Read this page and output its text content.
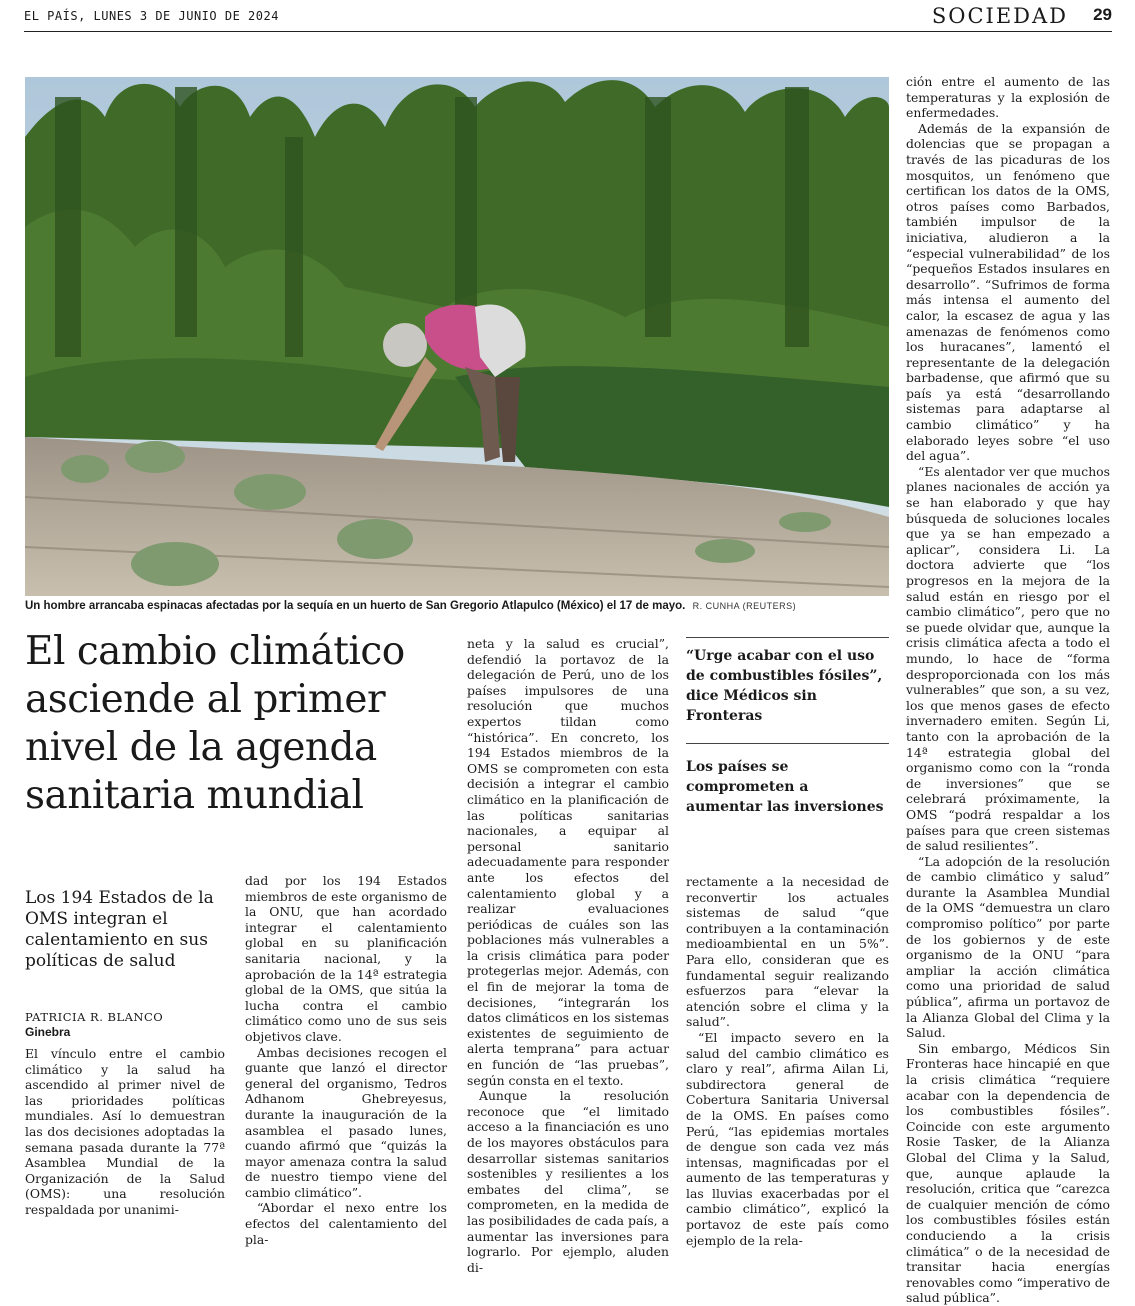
EL PAÍS, LUNES 3 DE JUNIO DE 2024	SOCIEDAD 29
Un hombre arrancaba espinacas afectadas por la sequía en un huerto de San Gregorio Atlapulco (México) el 17 de mayo. R. CUNHA (REUTERS)
El cambio climático asciende al primer nivel de la agenda sanitaria mundial
Los 194 Estados de la OMS integran el calentamiento en sus políticas de salud
PATRICIA R. BLANCO
Ginebra

El vínculo entre el cambio climático y la salud ha ascendido al primer nivel de las prioridades políticas mundiales. Así lo demuestran las dos decisiones adoptadas la semana pasada durante la 77ª Asamblea Mundial de la Organización de la Salud (OMS): una resolución respaldada por unanimi-

dad por los 194 Estados miembros de este organismo de la ONU, que han acordado integrar el calentamiento global en su planificación sanitaria nacional, y la aprobación de la 14ª estrategia global de la OMS, que sitúa la lucha contra el cambio climático como uno de sus seis objetivos clave.

Ambas decisiones recogen el guante que lanzó el director general del organismo, Tedros Adhanom Ghebreyesus, durante la inauguración de la asamblea el pasado lunes, cuando afirmó que “quizás la mayor amenaza contra la salud de nuestro tiempo viene del cambio climático”.

“Abordar el nexo entre los efectos del calentamiento del pla-

neta y la salud es crucial”, defendió la portavoz de la delegación de Perú, uno de los países impulsores de una resolución que muchos expertos tildan como “histórica”. En concreto, los 194 Estados miembros de la OMS se comprometen con esta decisión a integrar el cambio climático en la planificación de las políticas sanitarias nacionales, a equipar al personal sanitario adecuadamente para responder ante los efectos del calentamiento global y a realizar evaluaciones periódicas de cuáles son las poblaciones más vulnerables a la crisis climática para poder protegerlas mejor. Además, con el fin de mejorar la toma de decisiones, “integrarán los datos climáticos en los sistemas existentes de seguimiento de alerta temprana” para actuar en función de “las pruebas”, según consta en el texto.

Aunque la resolución reconoce que “el limitado acceso a la financiación es uno de los mayores obstáculos para desarrollar sistemas sanitarios sostenibles y resilientes a los embates del clima”, se comprometen, en la medida de las posibilidades de cada país, a aumentar las inversiones para lograrlo. Por ejemplo, aluden di-

“Urge acabar con el uso de combustibles fósiles”, dice Médicos sin Fronteras
Los países se comprometen a aumentar las inversiones

rectamente a la necesidad de reconvertir los actuales sistemas de salud “que contribuyen a la contaminación medioambiental en un 5%”. Para ello, consideran que es fundamental seguir realizando esfuerzos para “elevar la atención sobre el clima y la salud”.

“El impacto severo en la salud del cambio climático es claro y real”, afirma Ailan Li, subdirectora general de Cobertura Sanitaria Universal de la OMS. En países como Perú, “las epidemias mortales de dengue son cada vez más intensas, magnificadas por el aumento de las temperaturas y las lluvias exacerbadas por el cambio climático”, explicó la portavoz de este país como ejemplo de la rela-

ción entre el aumento de las temperaturas y la explosión de enfermedades.

Además de la expansión de dolencias que se propagan a través de las picaduras de los mosquitos, un fenómeno que certifican los datos de la OMS, otros países como Barbados, también impulsor de la iniciativa, aludieron a la “especial vulnerabilidad” de los “pequeños Estados insulares en desarrollo”. “Sufrimos de forma más intensa el aumento del calor, la escasez de agua y las amenazas de fenómenos como los huracanes”, lamentó el representante de la delegación barbadense, que afirmó que su país ya está “desarrollando sistemas para adaptarse al cambio climático” y ha elaborado leyes sobre “el uso del agua”.

“Es alentador ver que muchos planes nacionales de acción ya se han elaborado y que hay búsqueda de soluciones locales que ya se han empezado a aplicar”, considera Li. La doctora advierte que “los progresos en la mejora de la salud están en riesgo por el cambio climático”, pero que no se puede olvidar que, aunque la crisis climática afecta a todo el mundo, lo hace de “forma desproporcionada con los más vulnerables” que son, a su vez, los que menos gases de efecto invernadero emiten. Según Li, tanto con la aprobación de la 14ª estrategia global del organismo como con la “ronda de inversiones” que se celebrará próximamente, la OMS “podrá respaldar a los países para que creen sistemas de salud resilientes”.

“La adopción de la resolución de cambio climático y salud” durante la Asamblea Mundial de la OMS “demuestra un claro compromiso político” por parte de los gobiernos y de este organismo de la ONU “para ampliar la acción climática como una prioridad de salud pública”, afirma un portavoz de la Alianza Global del Clima y la Salud.

Sin embargo, Médicos Sin Fronteras hace hincapié en que la crisis climática “requiere acabar con la dependencia de los combustibles fósiles”. Coincide con este argumento Rosie Tasker, de la Alianza Global del Clima y la Salud, que, aunque aplaude la resolución, critica que “carezca de cualquier mención de cómo los combustibles fósiles están conduciendo a la crisis climática” o de la necesidad de transitar hacia energías renovables como “imperativo de salud pública”.
